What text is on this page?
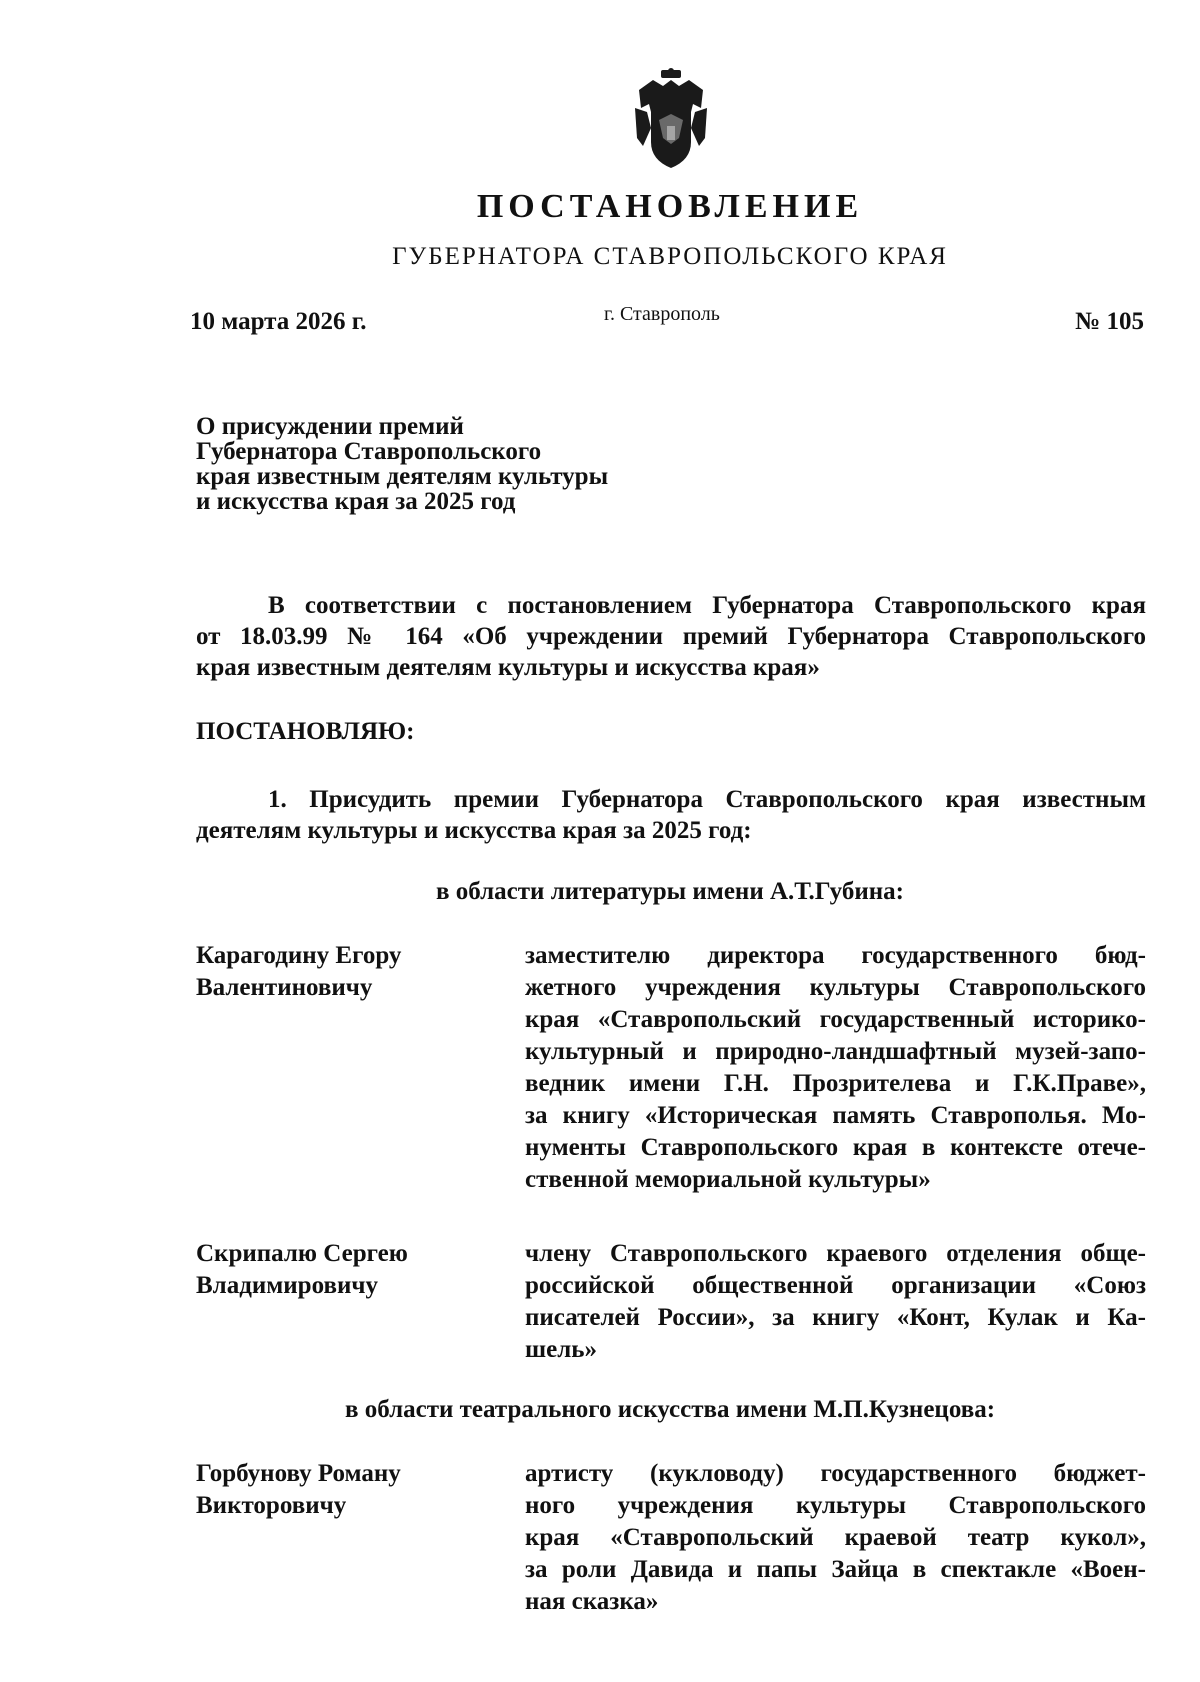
ПОСТАНОВЛЕНИЕ
ГУБЕРНАТОРА СТАВРОПОЛЬСКОГО КРАЯ
10 марта 2026 г.	г. Ставрополь	№ 105
О присуждении премий
Губернатора Ставропольского
края известным деятелям культуры
и искусства края за 2025 год
В соответствии с постановлением Губернатора Ставропольского края
от 18.03.99 № 164 «Об учреждении премий Губернатора Ставропольского
края известным деятелям культуры и искусства края»
ПОСТАНОВЛЯЮ:
1. Присудить премии Губернатора Ставропольского края известным
деятелям культуры и искусства края за 2025 год:
в области литературы имени А.Т.Губина:
Карагодину Егору
Валентиновичу
заместителю директора государственного бюд-
жетного учреждения культуры Ставропольского
края «Ставропольский государственный историко-
культурный и природно-ландшафтный музей-запо-
ведник имени Г.Н. Прозрителева и Г.К.Праве»,
за книгу «Историческая память Ставрополья. Мо-
нументы Ставропольского края в контексте отече-
ственной мемориальной культуры»
Скрипалю Сергею
Владимировичу
члену Ставропольского краевого отделения обще-
российской общественной организации «Союз
писателей России», за книгу «Конт, Кулак и Ка-
шель»
в области театрального искусства имени М.П.Кузнецова:
Горбунову Роману
Викторовичу
артисту (кукловоду) государственного бюджет-
ного учреждения культуры Ставропольского
края «Ставропольский краевой театр кукол»,
за роли Давида и папы Зайца в спектакле «Воен-
ная сказка»
